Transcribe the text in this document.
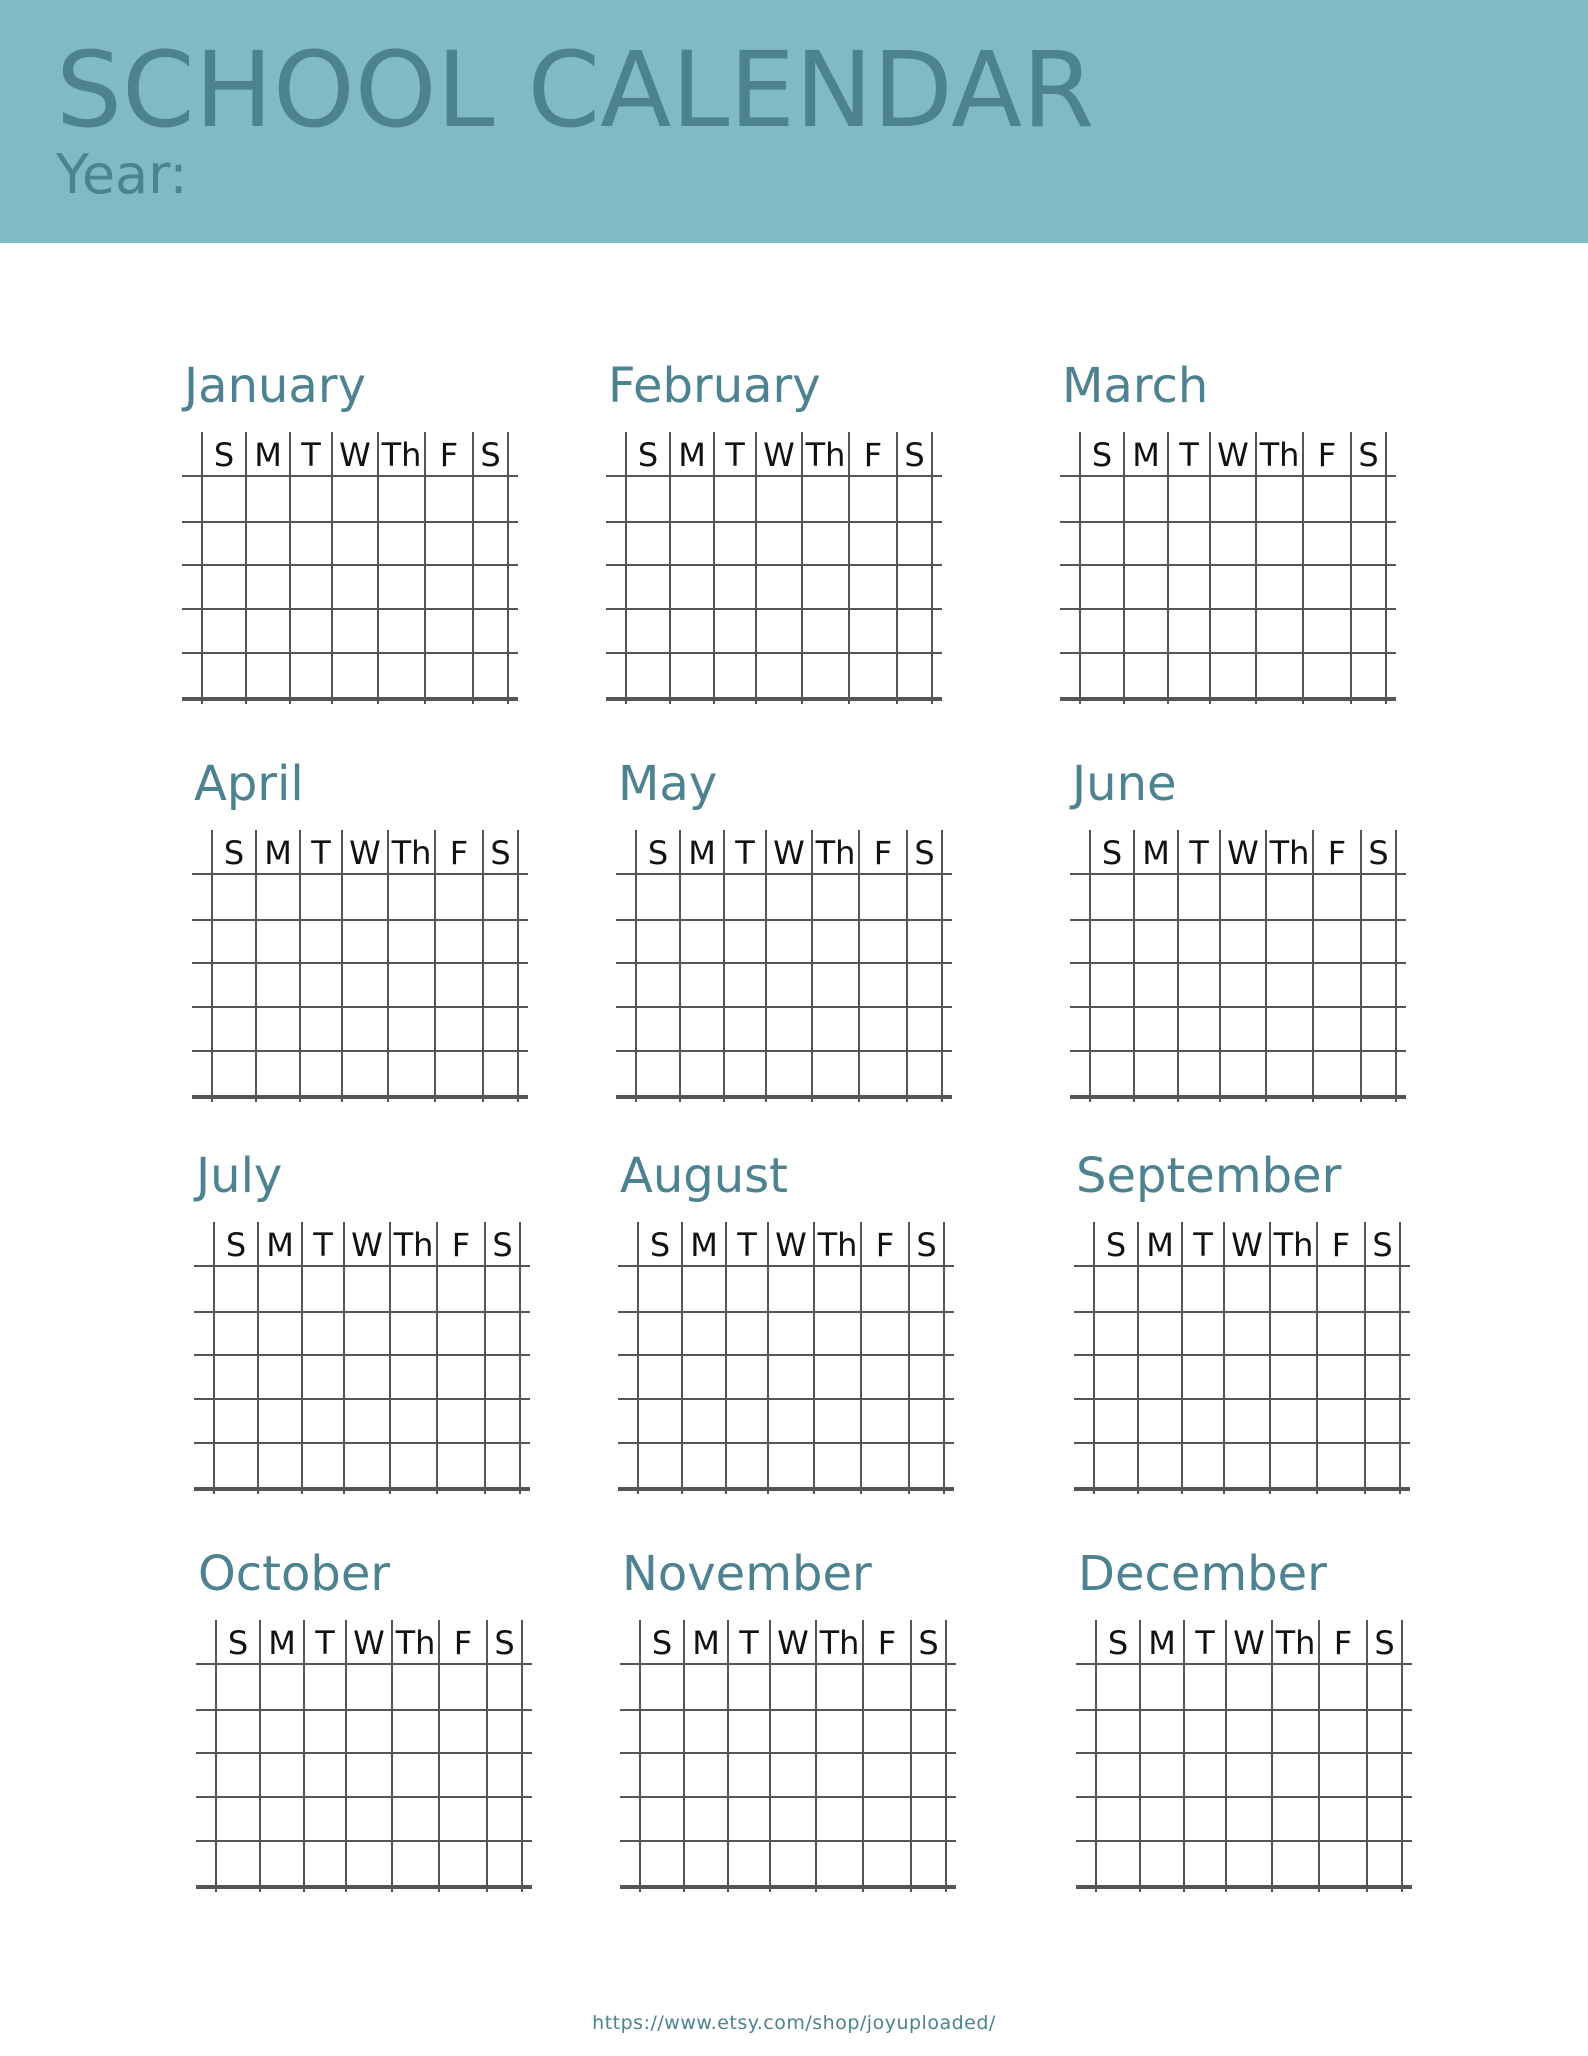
SCHOOL CALENDAR
Year:
January
S M T W Th F S
February
S M T W Th F S
March
S M T W Th F S
April
S M T W Th F S
May
S M T W Th F S
June
S M T W Th F S
July
S M T W Th F S
August
S M T W Th F S
September
S M T W Th F S
October
S M T W Th F S
November
S M T W Th F S
December
S M T W Th F S
https://www.etsy.com/shop/joyuploaded/
